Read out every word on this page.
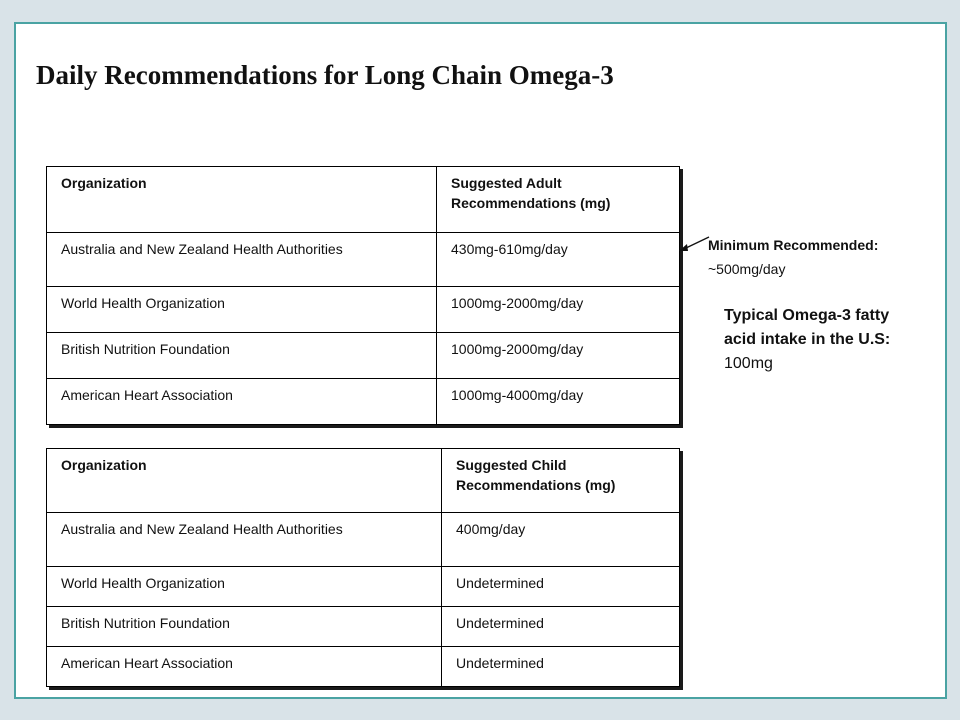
Daily Recommendations for Long Chain Omega-3
Organization	Suggested Adult Recommendations (mg)
Australia and New Zealand Health Authorities	430mg-610mg/day
World Health Organization	1000mg-2000mg/day
British Nutrition Foundation	1000mg-2000mg/day
American Heart Association	1000mg-4000mg/day
Organization	Suggested Child Recommendations (mg)
Australia and New Zealand Health Authorities	400mg/day
World Health Organization	Undetermined
British Nutrition Foundation	Undetermined
American Heart Association	Undetermined
Minimum Recommended:
~500mg/day
Typical Omega-3 fatty acid intake in the U.S: 100mg
